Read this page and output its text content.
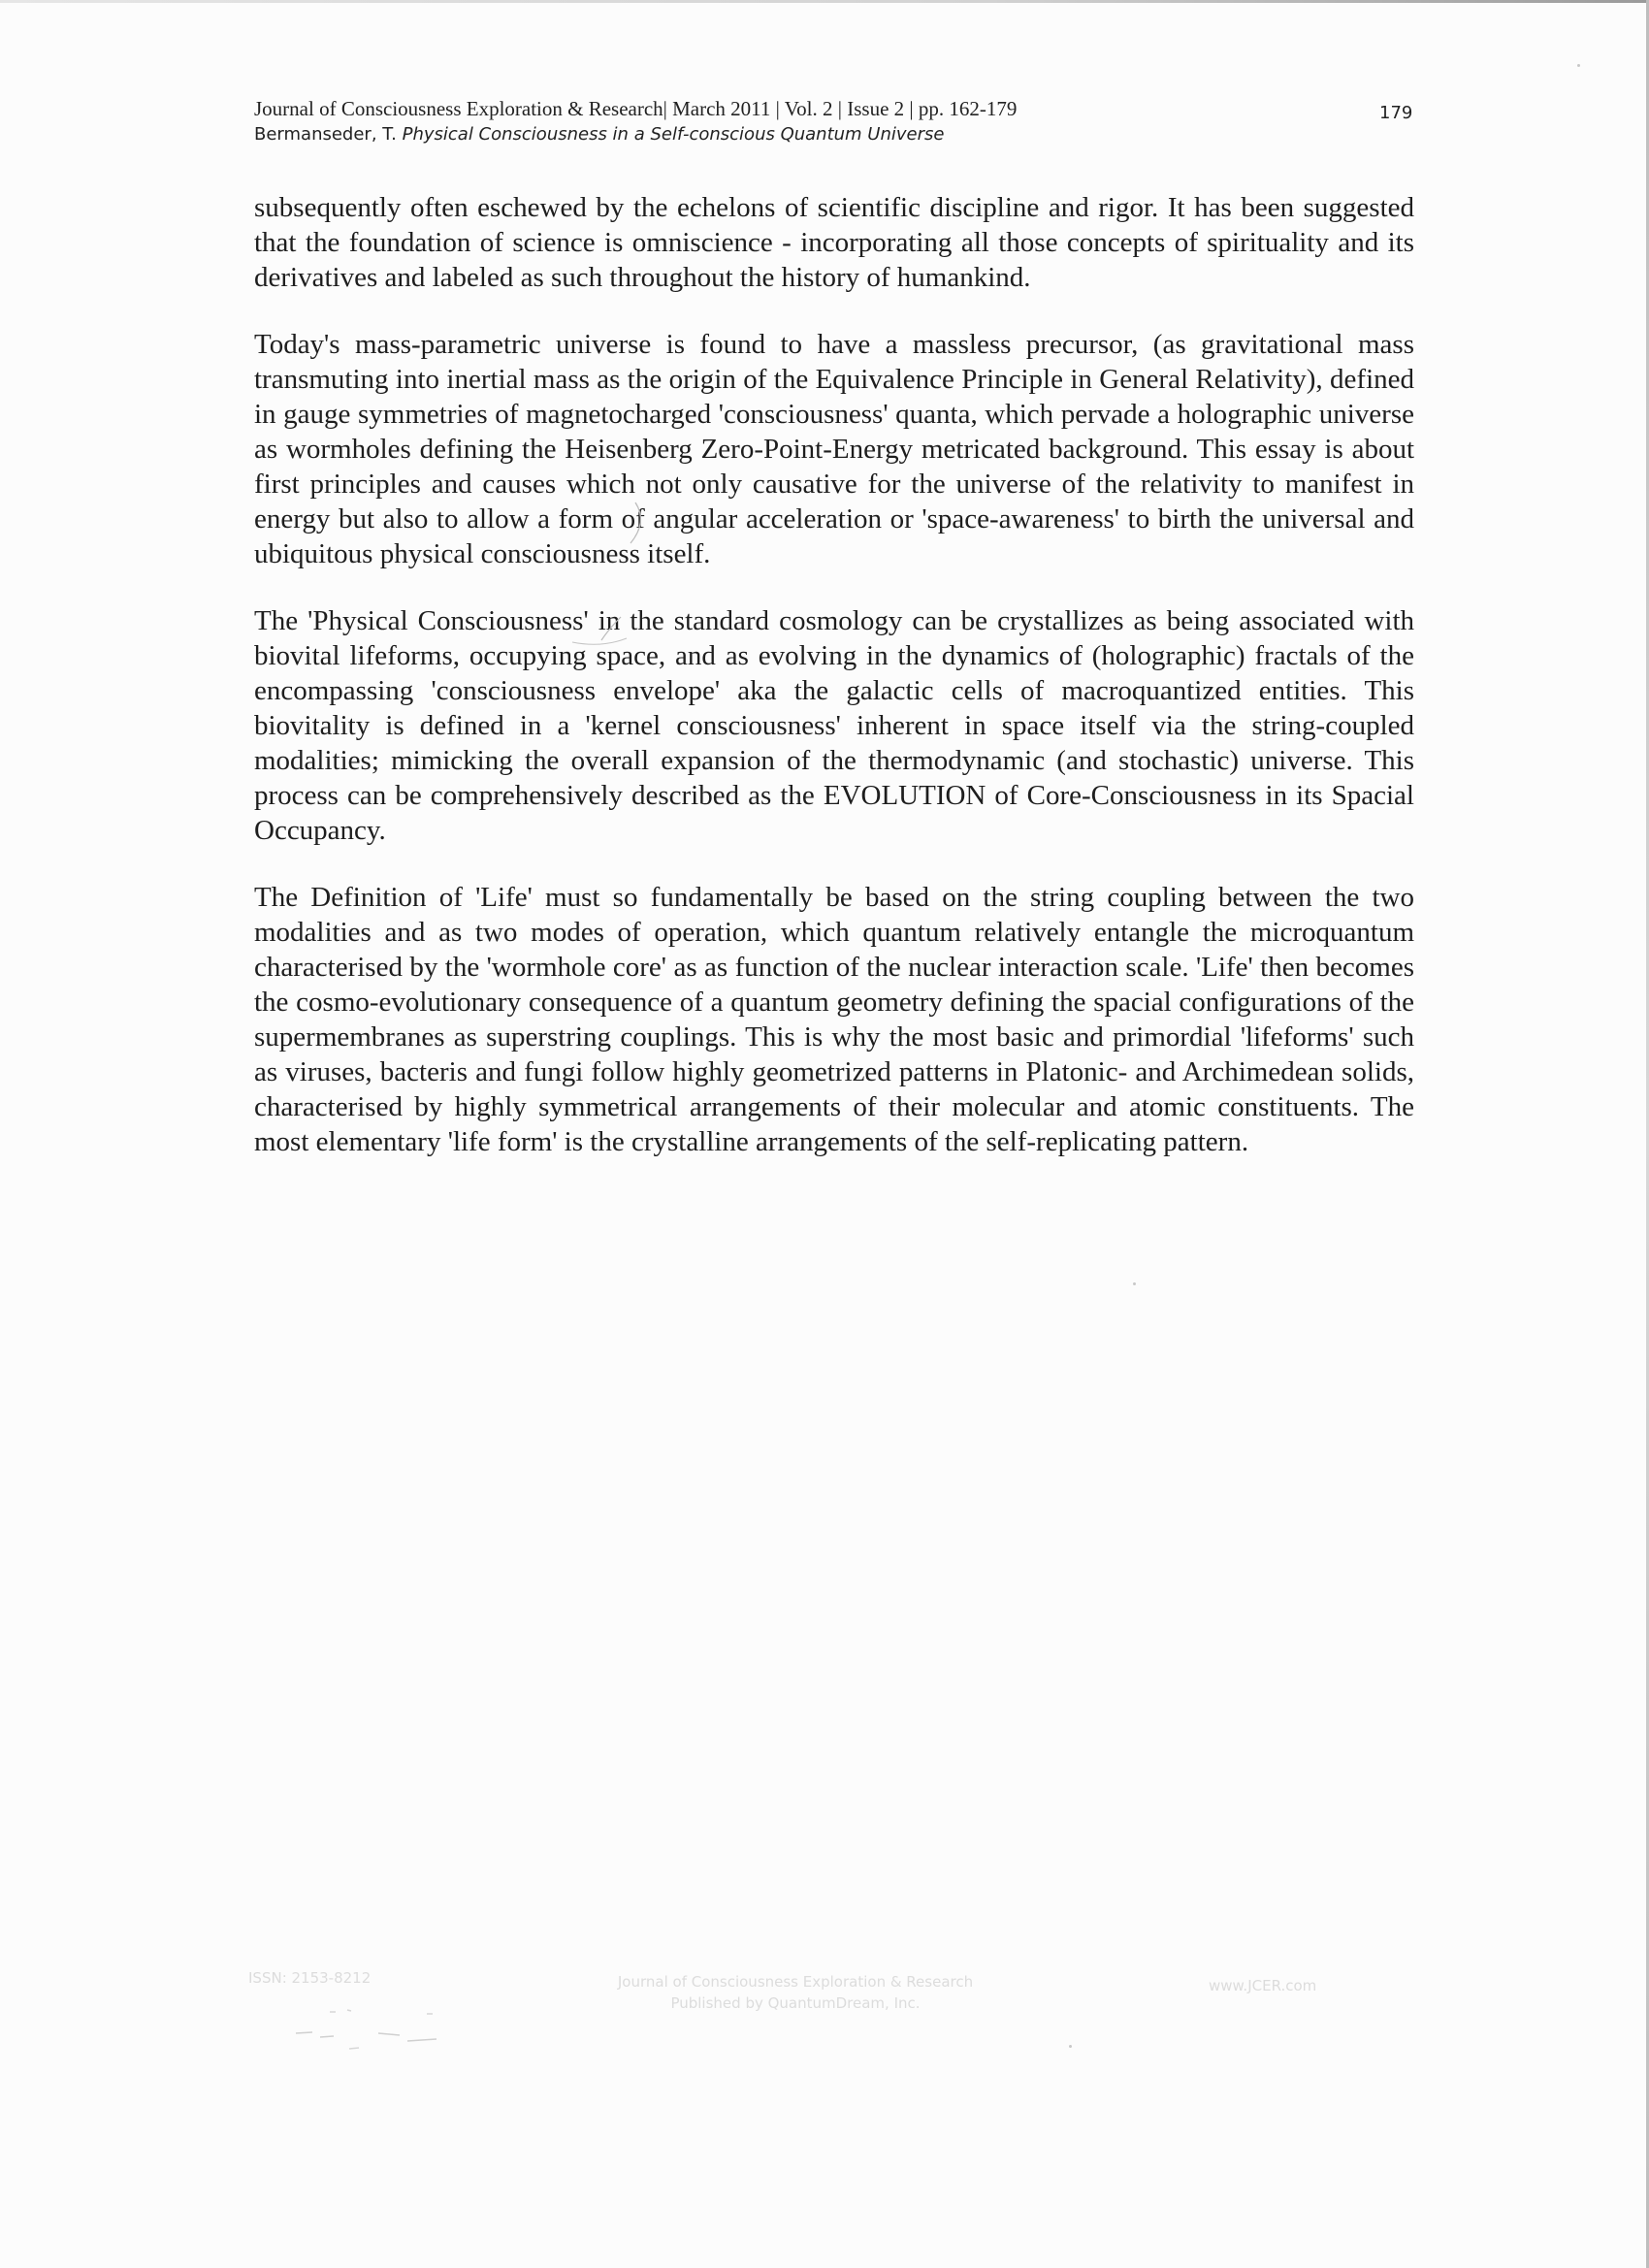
Journal of Consciousness Exploration & Research| March 2011 | Vol. 2 | Issue 2 | pp. 162-179
Bermanseder, T. Physical Consciousness in a Self-conscious Quantum Universe
179

subsequently often eschewed by the echelons of scientific discipline and rigor. It has been suggested that the foundation of science is omniscience - incorporating all those concepts of spirituality and its derivatives and labeled as such throughout the history of humankind.

Today's mass-parametric universe is found to have a massless precursor, (as gravitational mass transmuting into inertial mass as the origin of the Equivalence Principle in General Relativity), defined in gauge symmetries of magnetocharged 'consciousness' quanta, which pervade a holographic universe as wormholes defining the Heisenberg Zero-Point-Energy metricated background. This essay is about first principles and causes which not only causative for the universe of the relativity to manifest in energy but also to allow a form of angular acceleration or 'space-awareness' to birth the universal and ubiquitous physical consciousness itself.

The 'Physical Consciousness' in the standard cosmology can be crystallizes as being associated with biovital lifeforms, occupying space, and as evolving in the dynamics of (holographic) fractals of the encompassing 'consciousness envelope' aka the galactic cells of macroquantized entities. This biovitality is defined in a 'kernel consciousness' inherent in space itself via the string-coupled modalities; mimicking the overall expansion of the thermodynamic (and stochastic) universe. This process can be comprehensively described as the EVOLUTION of Core-Consciousness in its Spacial Occupancy.

The Definition of 'Life' must so fundamentally be based on the string coupling between the two modalities and as two modes of operation, which quantum relatively entangle the microquantum characterised by the 'wormhole core' as as function of the nuclear interaction scale. 'Life' then becomes the cosmo-evolutionary consequence of a quantum geometry defining the spacial configurations of the supermembranes as superstring couplings. This is why the most basic and primordial 'lifeforms' such as viruses, bacteris and fungi follow highly geometrized patterns in Platonic- and Archimedean solids, characterised by highly symmetrical arrangements of their molecular and atomic constituents. The most elementary 'life form' is the crystalline arrangements of the self-replicating pattern.

ISSN: 2153-8212	Journal of Consciousness Exploration & Research
Published by QuantumDream, Inc.
www.JCER.com
